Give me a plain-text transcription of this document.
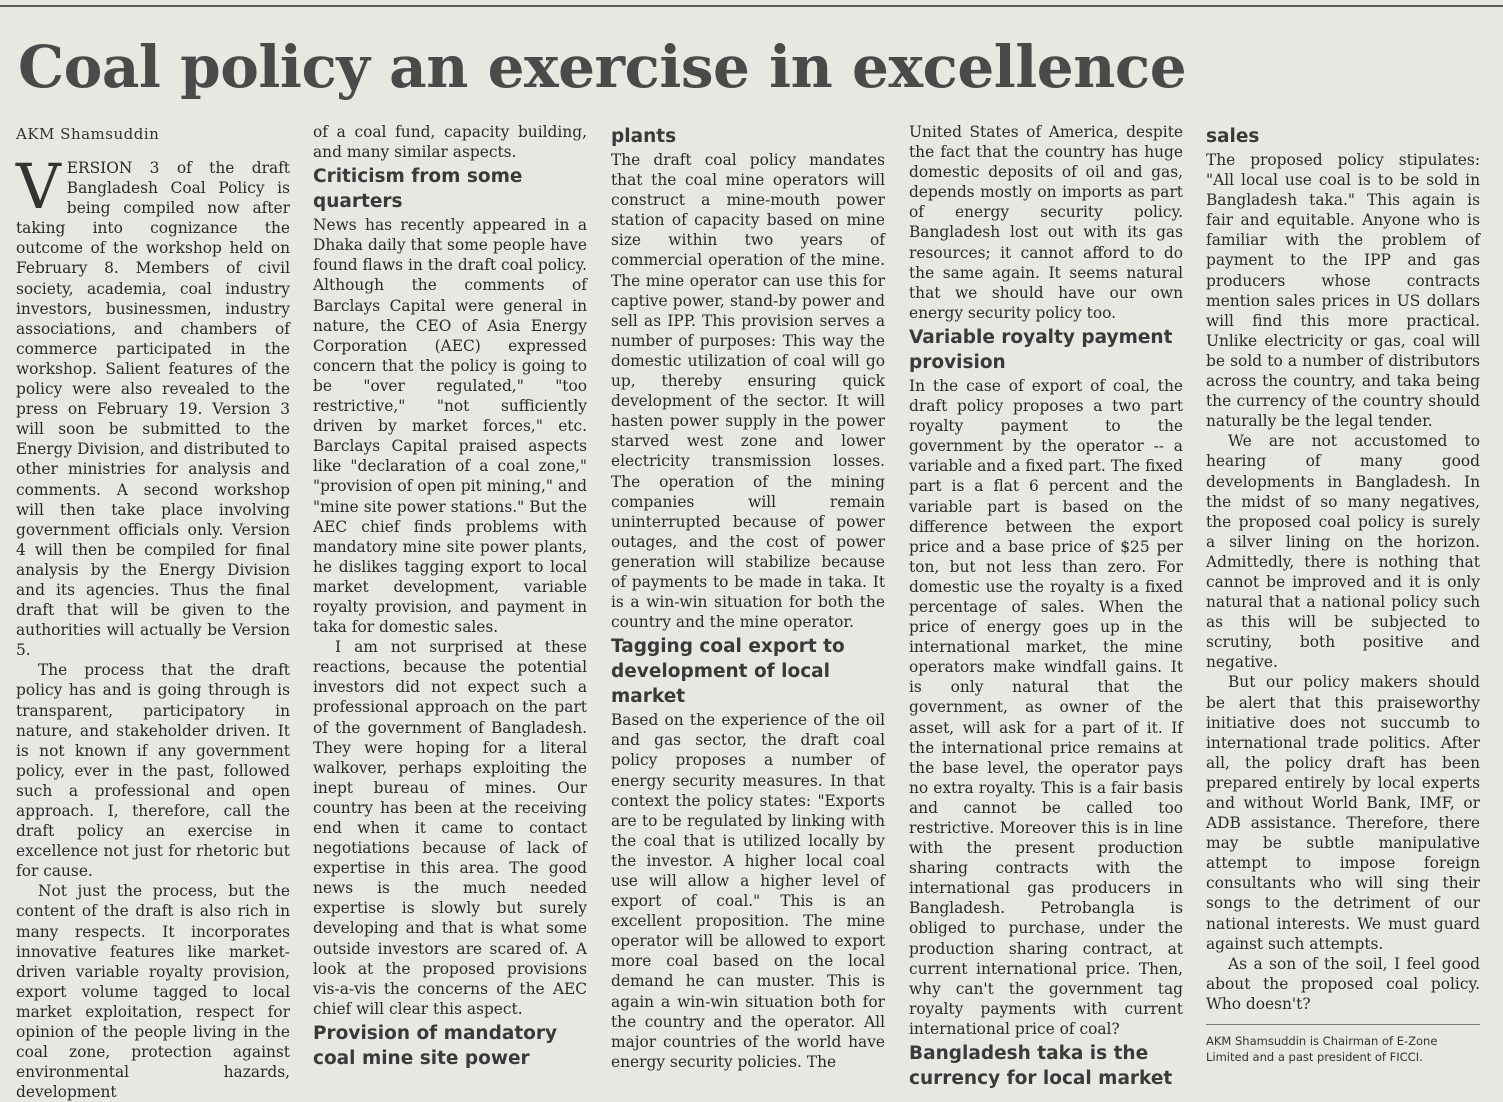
Coal policy an exercise in excellence
AKM Shamsuddin

VERSION 3 of the draft Bangladesh Coal Policy is being compiled now after taking into cognizance the outcome of the workshop held on February 8. Members of civil society, academia, coal industry investors, businessmen, industry associations, and chambers of commerce participated in the workshop. Salient features of the policy were also revealed to the press on February 19. Version 3 will soon be submitted to the Energy Division, and distributed to other ministries for analysis and comments. A second workshop will then take place involving government officials only. Version 4 will then be compiled for final analysis by the Energy Division and its agencies. Thus the final draft that will be given to the authorities will actually be Version 5.

The process that the draft policy has and is going through is transparent, participatory in nature, and stakeholder driven. It is not known if any government policy, ever in the past, followed such a professional and open approach. I, therefore, call the draft policy an exercise in excellence not just for rhetoric but for cause.

Not just the process, but the content of the draft is also rich in many respects. It incorporates innovative features like market-driven variable royalty provision, export volume tagged to local market exploitation, respect for opinion of the people living in the coal zone, protection against environmental hazards, development

of a coal fund, capacity building, and many similar aspects.

Criticism from some quarters

News has recently appeared in a Dhaka daily that some people have found flaws in the draft coal policy. Although the comments of Barclays Capital were general in nature, the CEO of Asia Energy Corporation (AEC) expressed concern that the policy is going to be "over regulated," "too restrictive," "not sufficiently driven by market forces," etc. Barclays Capital praised aspects like "declaration of a coal zone," "provision of open pit mining," and "mine site power stations." But the AEC chief finds problems with mandatory mine site power plants, he dislikes tagging export to local market development, variable royalty provision, and payment in taka for domestic sales.

I am not surprised at these reactions, because the potential investors did not expect such a professional approach on the part of the government of Bangladesh. They were hoping for a literal walkover, perhaps exploiting the inept bureau of mines. Our country has been at the receiving end when it came to contact negotiations because of lack of expertise in this area. The good news is the much needed expertise is slowly but surely developing and that is what some outside investors are scared of. A look at the proposed provisions vis-a-vis the concerns of the AEC chief will clear this aspect.

Provision of mandatory coal mine site power
plants

The draft coal policy mandates that the coal mine operators will construct a mine-mouth power station of capacity based on mine size within two years of commercial operation of the mine. The mine operator can use this for captive power, stand-by power and sell as IPP. This provision serves a number of purposes: This way the domestic utilization of coal will go up, thereby ensuring quick development of the sector. It will hasten power supply in the power starved west zone and lower electricity transmission losses. The operation of the mining companies will remain uninterrupted because of power outages, and the cost of power generation will stabilize because of payments to be made in taka. It is a win-win situation for both the country and the mine operator.

Tagging coal export to development of local market

Based on the experience of the oil and gas sector, the draft coal policy proposes a number of energy security measures. In that context the policy states: "Exports are to be regulated by linking with the coal that is utilized locally by the investor. A higher local coal use will allow a higher level of export of coal." This is an excellent proposition. The mine operator will be allowed to export more coal based on the local demand he can muster. This is again a win-win situation both for the country and the operator. All major countries of the world have energy security policies. The

United States of America, despite the fact that the country has huge domestic deposits of oil and gas, depends mostly on imports as part of energy security policy. Bangladesh lost out with its gas resources; it cannot afford to do the same again. It seems natural that we should have our own energy security policy too.

Variable royalty payment provision

In the case of export of coal, the draft policy proposes a two part royalty payment to the government by the operator -- a variable and a fixed part. The fixed part is a flat 6 percent and the variable part is based on the difference between the export price and a base price of $25 per ton, but not less than zero. For domestic use the royalty is a fixed percentage of sales. When the price of energy goes up in the international market, the mine operators make windfall gains. It is only natural that the government, as owner of the asset, will ask for a part of it. If the international price remains at the base level, the operator pays no extra royalty. This is a fair basis and cannot be called too restrictive. Moreover this is in line with the present production sharing contracts with the international gas producers in Bangladesh. Petrobangla is obliged to purchase, under the production sharing contract, at current international price. Then, why can't the government tag royalty payments with current international price of coal?

Bangladesh taka is the currency for local market
sales

The proposed policy stipulates: "All local use coal is to be sold in Bangladesh taka." This again is fair and equitable. Anyone who is familiar with the problem of payment to the IPP and gas producers whose contracts mention sales prices in US dollars will find this more practical. Unlike electricity or gas, coal will be sold to a number of distributors across the country, and taka being the currency of the country should naturally be the legal tender.

We are not accustomed to hearing of many good developments in Bangladesh. In the midst of so many negatives, the proposed coal policy is surely a silver lining on the horizon. Admittedly, there is nothing that cannot be improved and it is only natural that a national policy such as this will be subjected to scrutiny, both positive and negative.

But our policy makers should be alert that this praiseworthy initiative does not succumb to international trade politics. After all, the policy draft has been prepared entirely by local experts and without World Bank, IMF, or ADB assistance. Therefore, there may be subtle manipulative attempt to impose foreign consultants who will sing their songs to the detriment of our national interests. We must guard against such attempts.

As a son of the soil, I feel good about the proposed coal policy. Who doesn't?

AKM Shamsuddin is Chairman of E-Zone Limited and a past president of FICCI.
